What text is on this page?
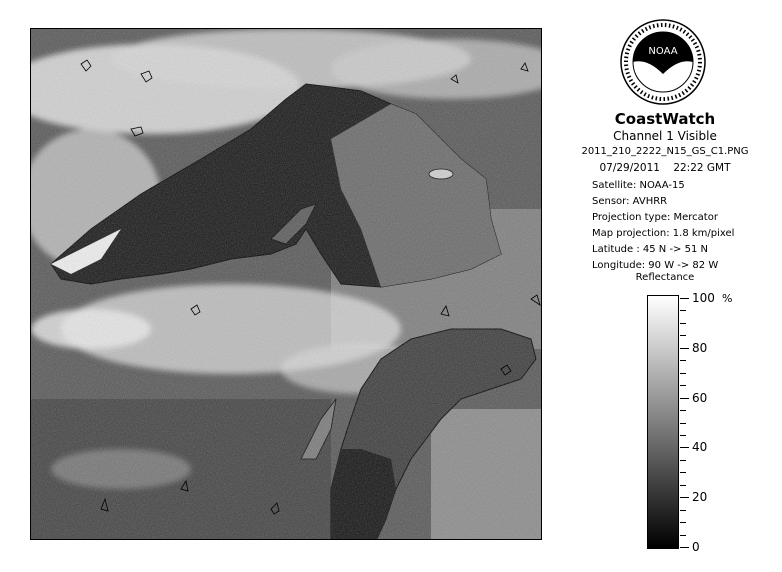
NOAA
CoastWatch
Channel 1 Visible
2011_210_2222_N15_GS_C1.PNG
07/29/2011    22:22 GMT
Satellite: NOAA-15
Sensor: AVHRR
Projection type: Mercator
Map projection: 1.8 km/pixel
Latitude : 45 N -> 51 N
Longitude: 90 W -> 82 W
Reflectance
%
100
80
60
40
20
0
